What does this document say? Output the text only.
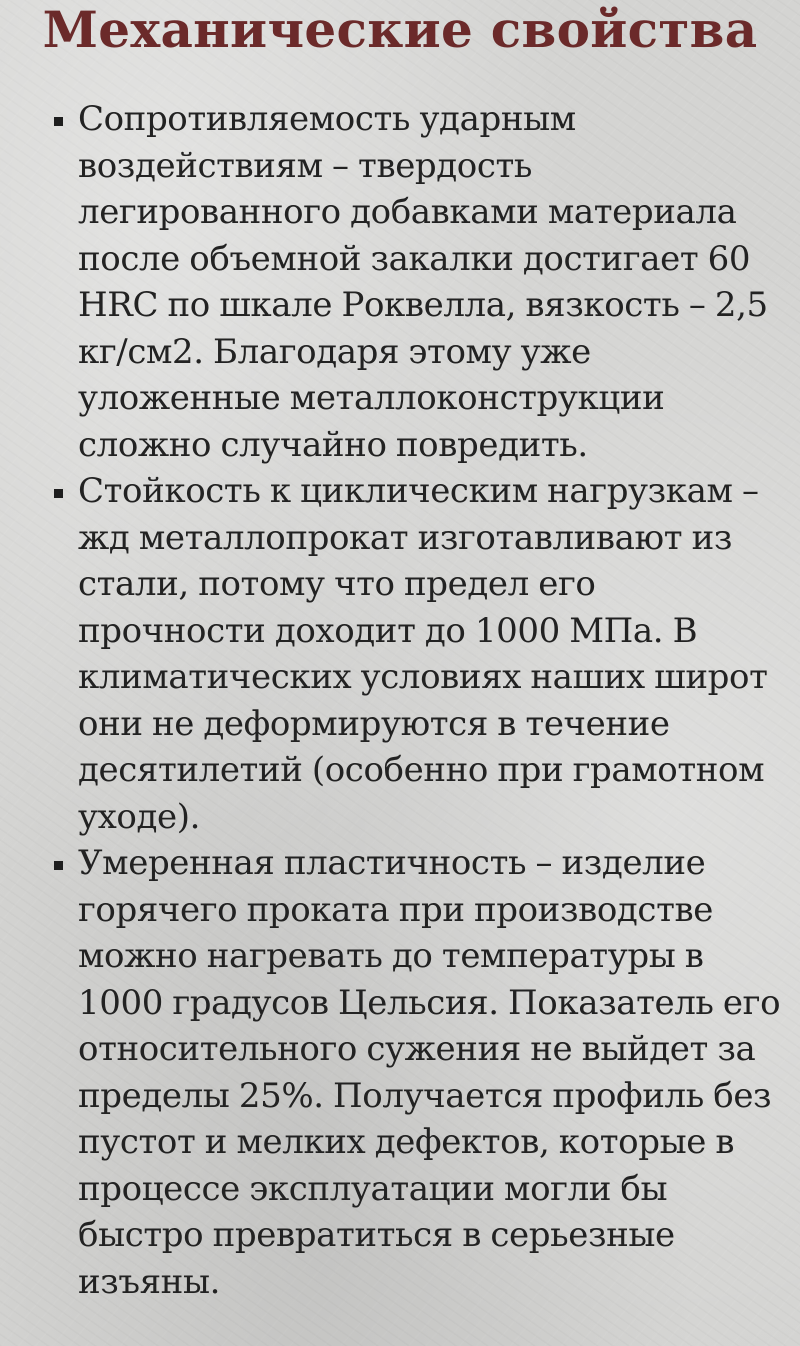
Механические свойства
Сопротивляемость ударным воздействиям – твердость легированного добавками материала после объемной закалки достигает 60 HRC по шкале Роквелла, вязкость – 2,5 кг/см2. Благодаря этому уже уложенные металлоконструкции сложно случайно повредить.
Стойкость к циклическим нагрузкам – жд металлопрокат изготавливают из стали, потому что предел его прочности доходит до 1000 МПа. В климатических условиях наших широт они не деформируются в течение десятилетий (особенно при грамотном уходе).
Умеренная пластичность – изделие горячего проката при производстве можно нагревать до температуры в 1000 градусов Цельсия. Показатель его относительного сужения не выйдет за пределы 25%. Получается профиль без пустот и мелких дефектов, которые в процессе эксплуатации могли бы быстро превратиться в серьезные изъяны.
